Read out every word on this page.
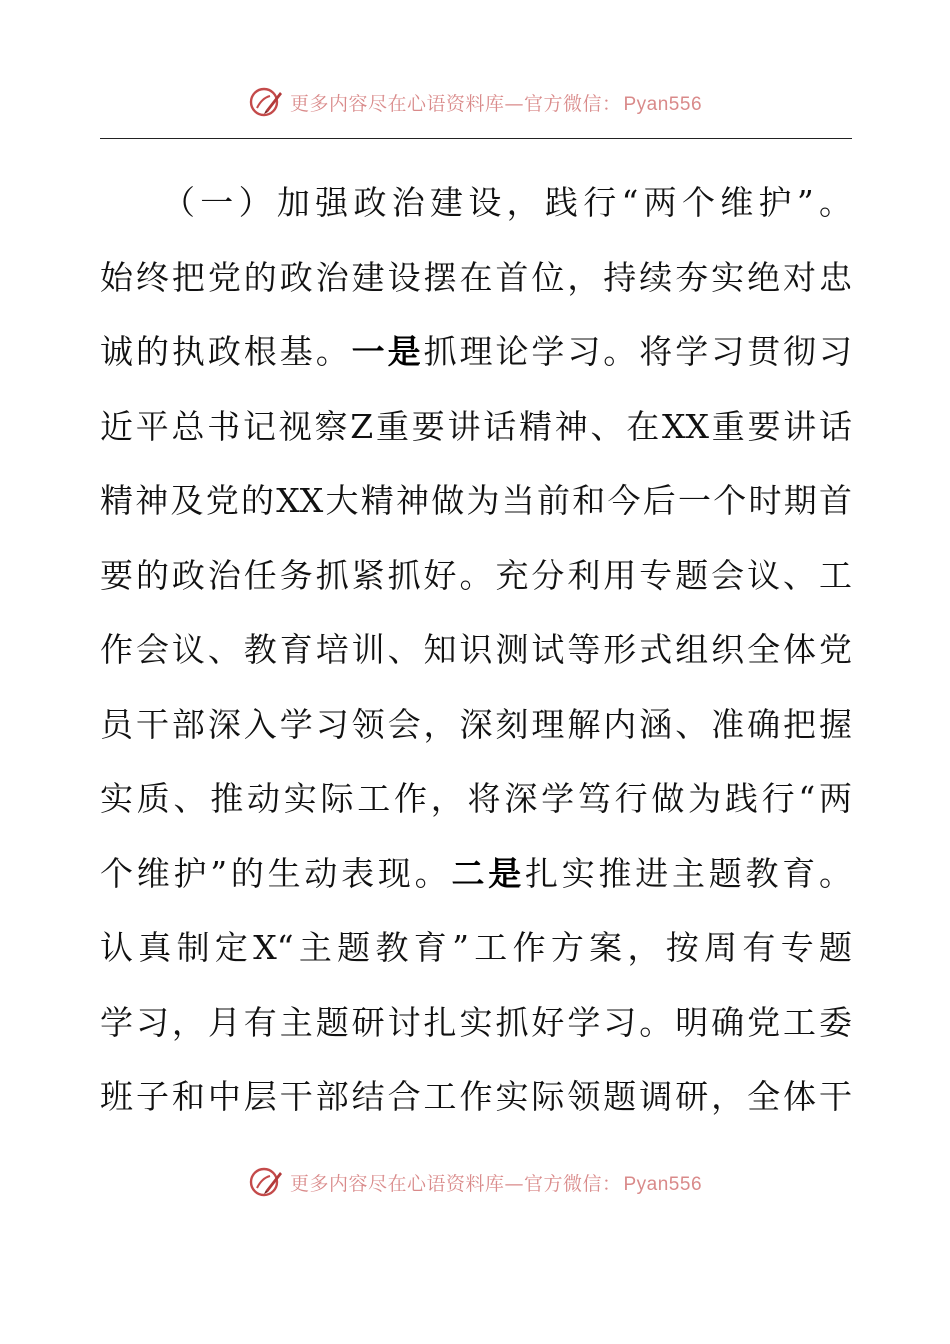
更多内容尽在心语资料库—官方微信： Pyan556
（一）加强政治建设，践行“两个维护”。
始终把党的政治建设摆在首位，持续夯实绝对忠
诚的执政根基。一是抓理论学习。将学习贯彻习
近平总书记视察Z重要讲话精神、在XX重要讲话
精神及党的XX大精神做为当前和今后一个时期首
要的政治任务抓紧抓好。充分利用专题会议、工
作会议、教育培训、知识测试等形式组织全体党
员干部深入学习领会，深刻理解内涵、准确把握
实质、推动实际工作，将深学笃行做为践行“两
个维护”的生动表现。二是扎实推进主题教育。
认真制定X“主题教育”工作方案，按周有专题
学习，月有主题研讨扎实抓好学习。明确党工委
班子和中层干部结合工作实际领题调研，全体干
更多内容尽在心语资料库—官方微信： Pyan556
